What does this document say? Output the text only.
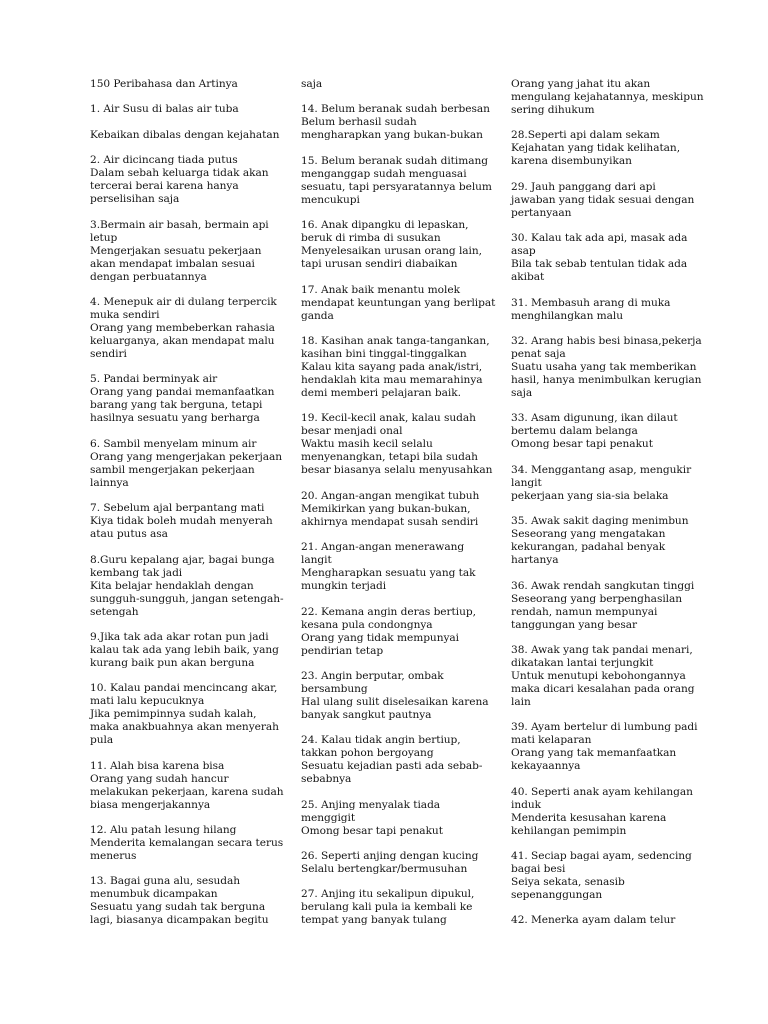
150 Peribahasa dan Artinya
1. Air Susu di balas air tuba
Kebaikan dibalas dengan kejahatan
2. Air dicincang tiada putus
Dalam sebah keluarga tidak akan
tercerai berai karena hanya
perselisihan saja
3.Bermain air basah, bermain api
letup
Mengerjakan sesuatu pekerjaan
akan mendapat imbalan sesuai
dengan perbuatannya
4. Menepuk air di dulang terpercik
muka sendiri
Orang yang membeberkan rahasia
keluarganya, akan mendapat malu
sendiri
5. Pandai berminyak air
Orang yang pandai memanfaatkan
barang yang tak berguna, tetapi
hasilnya sesuatu yang berharga
6. Sambil menyelam minum air
Orang yang mengerjakan pekerjaan
sambil mengerjakan pekerjaan
lainnya
7. Sebelum ajal berpantang mati
Kiya tidak boleh mudah menyerah
atau putus asa
8.Guru kepalang ajar, bagai bunga
kembang tak jadi
Kita belajar hendaklah dengan
sungguh-sungguh, jangan setengah-
setengah
9.Jika tak ada akar rotan pun jadi
kalau tak ada yang lebih baik, yang
kurang baik pun akan berguna
10. Kalau pandai mencincang akar,
mati lalu kepucuknya
Jika pemimpinnya sudah kalah,
maka anakbuahnya akan menyerah
pula
11. Alah bisa karena bisa
Orang yang sudah hancur
melakukan pekerjaan, karena sudah
biasa mengerjakannya
12. Alu patah lesung hilang
Menderita kemalangan secara terus
menerus
13. Bagai guna alu, sesudah
menumbuk dicampakan
Sesuatu yang sudah tak berguna
lagi, biasanya dicampakan begitu
saja
14. Belum beranak sudah berbesan
Belum berhasil sudah
mengharapkan yang bukan-bukan
15. Belum beranak sudah ditimang
menganggap sudah menguasai
sesuatu, tapi persyaratannya belum
mencukupi
16. Anak dipangku di lepaskan,
beruk di rimba di susukan
Menyelesaikan urusan orang lain,
tapi urusan sendiri diabaikan
17. Anak baik menantu molek
mendapat keuntungan yang berlipat
ganda
18. Kasihan anak tanga-tangankan,
kasihan bini tinggal-tinggalkan
Kalau kita sayang pada anak/istri,
hendaklah kita mau memarahinya
demi memberi pelajaran baik.
19. Kecil-kecil anak, kalau sudah
besar menjadi onal
Waktu masih kecil selalu
menyenangkan, tetapi bila sudah
besar biasanya selalu menyusahkan
20. Angan-angan mengikat tubuh
Memikirkan yang bukan-bukan,
akhirnya mendapat susah sendiri
21. Angan-angan menerawang
langit
Mengharapkan sesuatu yang tak
mungkin terjadi
22. Kemana angin deras bertiup,
kesana pula condongnya
Orang yang tidak mempunyai
pendirian tetap
23. Angin berputar, ombak
bersambung
Hal ulang sulit diselesaikan karena
banyak sangkut pautnya
24. Kalau tidak angin bertiup,
takkan pohon bergoyang
Sesuatu kejadian pasti ada sebab-
sebabnya
25. Anjing menyalak tiada
menggigit
Omong besar tapi penakut
26. Seperti anjing dengan kucing
Selalu bertengkar/bermusuhan
27. Anjing itu sekalipun dipukul,
berulang kali pula ia kembali ke
tempat yang banyak tulang
Orang yang jahat itu akan
mengulang kejahatannya, meskipun
sering dihukum
28.Seperti api dalam sekam
Kejahatan yang tidak kelihatan,
karena disembunyikan
29. Jauh panggang dari api
jawaban yang tidak sesuai dengan
pertanyaan
30. Kalau tak ada api, masak ada
asap
Bila tak sebab tentulan tidak ada
akibat
31. Membasuh arang di muka
menghilangkan malu
32. Arang habis besi binasa,pekerja
penat saja
Suatu usaha yang tak memberikan
hasil, hanya menimbulkan kerugian
saja
33. Asam digunung, ikan dilaut
bertemu dalam belanga
Omong besar tapi penakut
34. Menggantang asap, mengukir
langit
pekerjaan yang sia-sia belaka
35. Awak sakit daging menimbun
Seseorang yang mengatakan
kekurangan, padahal benyak
hartanya
36. Awak rendah sangkutan tinggi
Seseorang yang berpenghasilan
rendah, namun mempunyai
tanggungan yang besar
38. Awak yang tak pandai menari,
dikatakan lantai terjungkit
Untuk menutupi kebohongannya
maka dicari kesalahan pada orang
lain
39. Ayam bertelur di lumbung padi
mati kelaparan
Orang yang tak memanfaatkan
kekayaannya
40. Seperti anak ayam kehilangan
induk
Menderita kesusahan karena
kehilangan pemimpin
41. Seciap bagai ayam, sedencing
bagai besi
Seiya sekata, senasib
sepenanggungan
42. Menerka ayam dalam telur
